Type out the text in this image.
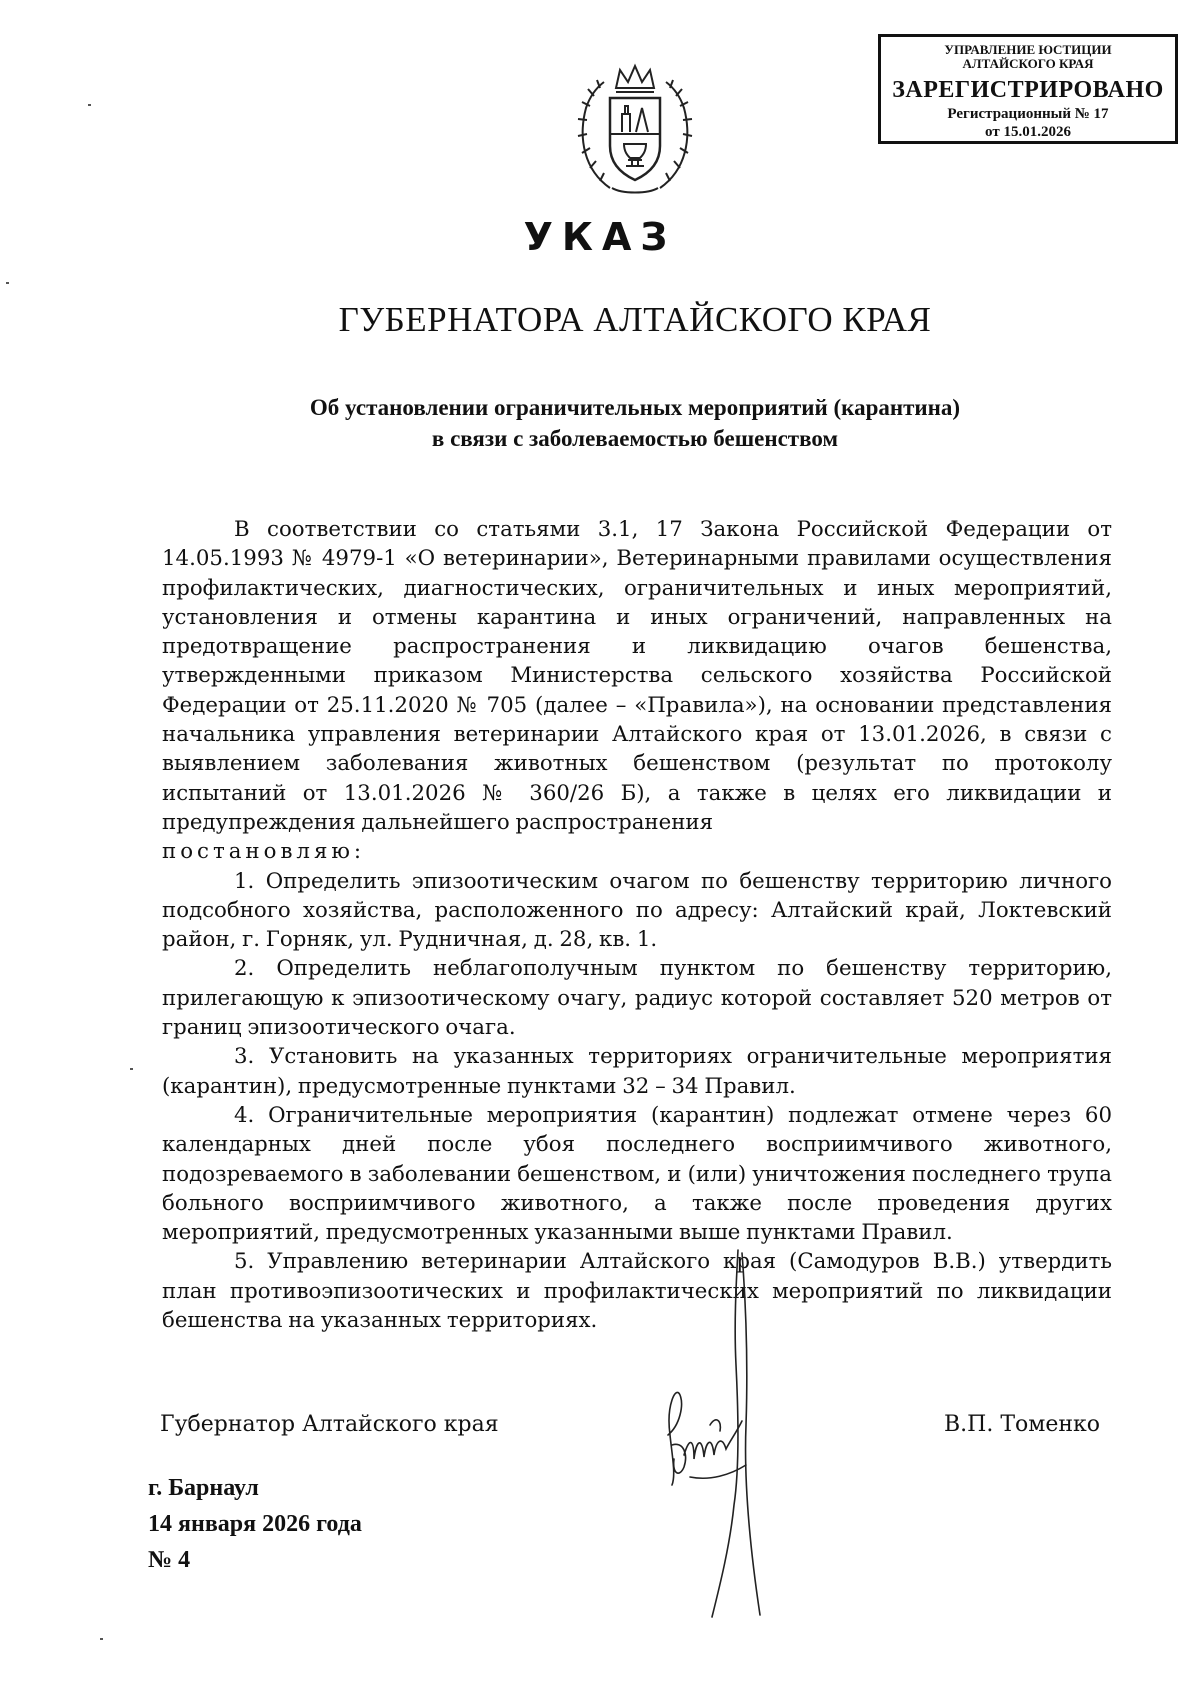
УПРАВЛЕНИЕ ЮСТИЦИИ
АЛТАЙСКОГО КРАЯ
ЗАРЕГИСТРИРОВАНО
Регистрационный № 17
от 15.01.2026
УКАЗ
ГУБЕРНАТОРА АЛТАЙСКОГО КРАЯ
Об установлении ограничительных мероприятий (карантина)
в связи с заболеваемостью бешенством

В соответствии со статьями 3.1, 17 Закона Российской Федерации от 14.05.1993 № 4979-1 «О ветеринарии», Ветеринарными правилами осуществления профилактических, диагностических, ограничительных и иных мероприятий, установления и отмены карантина и иных ограничений, направленных на предотвращение распространения и ликвидацию очагов бешенства, утвержденными приказом Министерства сельского хозяйства Российской Федерации от 25.11.2020 № 705 (далее – «Правила»), на основании представления начальника управления ветеринарии Алтайского края от 13.01.2026, в связи с выявлением заболевания животных бешенством (результат по протоколу испытаний от 13.01.2026 № 360/26 Б), а также в целях его ликвидации и предупреждения дальнейшего распространения

постановляю:

1. Определить эпизоотическим очагом по бешенству территорию личного подсобного хозяйства, расположенного по адресу: Алтайский край, Локтевский район, г. Горняк, ул. Рудничная, д. 28, кв. 1.

2. Определить неблагополучным пунктом по бешенству территорию, прилегающую к эпизоотическому очагу, радиус которой составляет 520 метров от границ эпизоотического очага.

3. Установить на указанных территориях ограничительные мероприятия (карантин), предусмотренные пунктами 32 – 34 Правил.

4. Ограничительные мероприятия (карантин) подлежат отмене через 60 календарных дней после убоя последнего восприимчивого животного, подозреваемого в заболевании бешенством, и (или) уничтожения последнего трупа больного восприимчивого животного, а также после проведения других мероприятий, предусмотренных указанными выше пунктами Правил.

5. Управлению ветеринарии Алтайского края (Самодуров В.В.) утвердить план противоэпизоотических и профилактических мероприятий по ликвидации бешенства на указанных территориях.

Губернатор Алтайского края	В.П. Томенко
г. Барнаул
14 января 2026 года
№ 4
